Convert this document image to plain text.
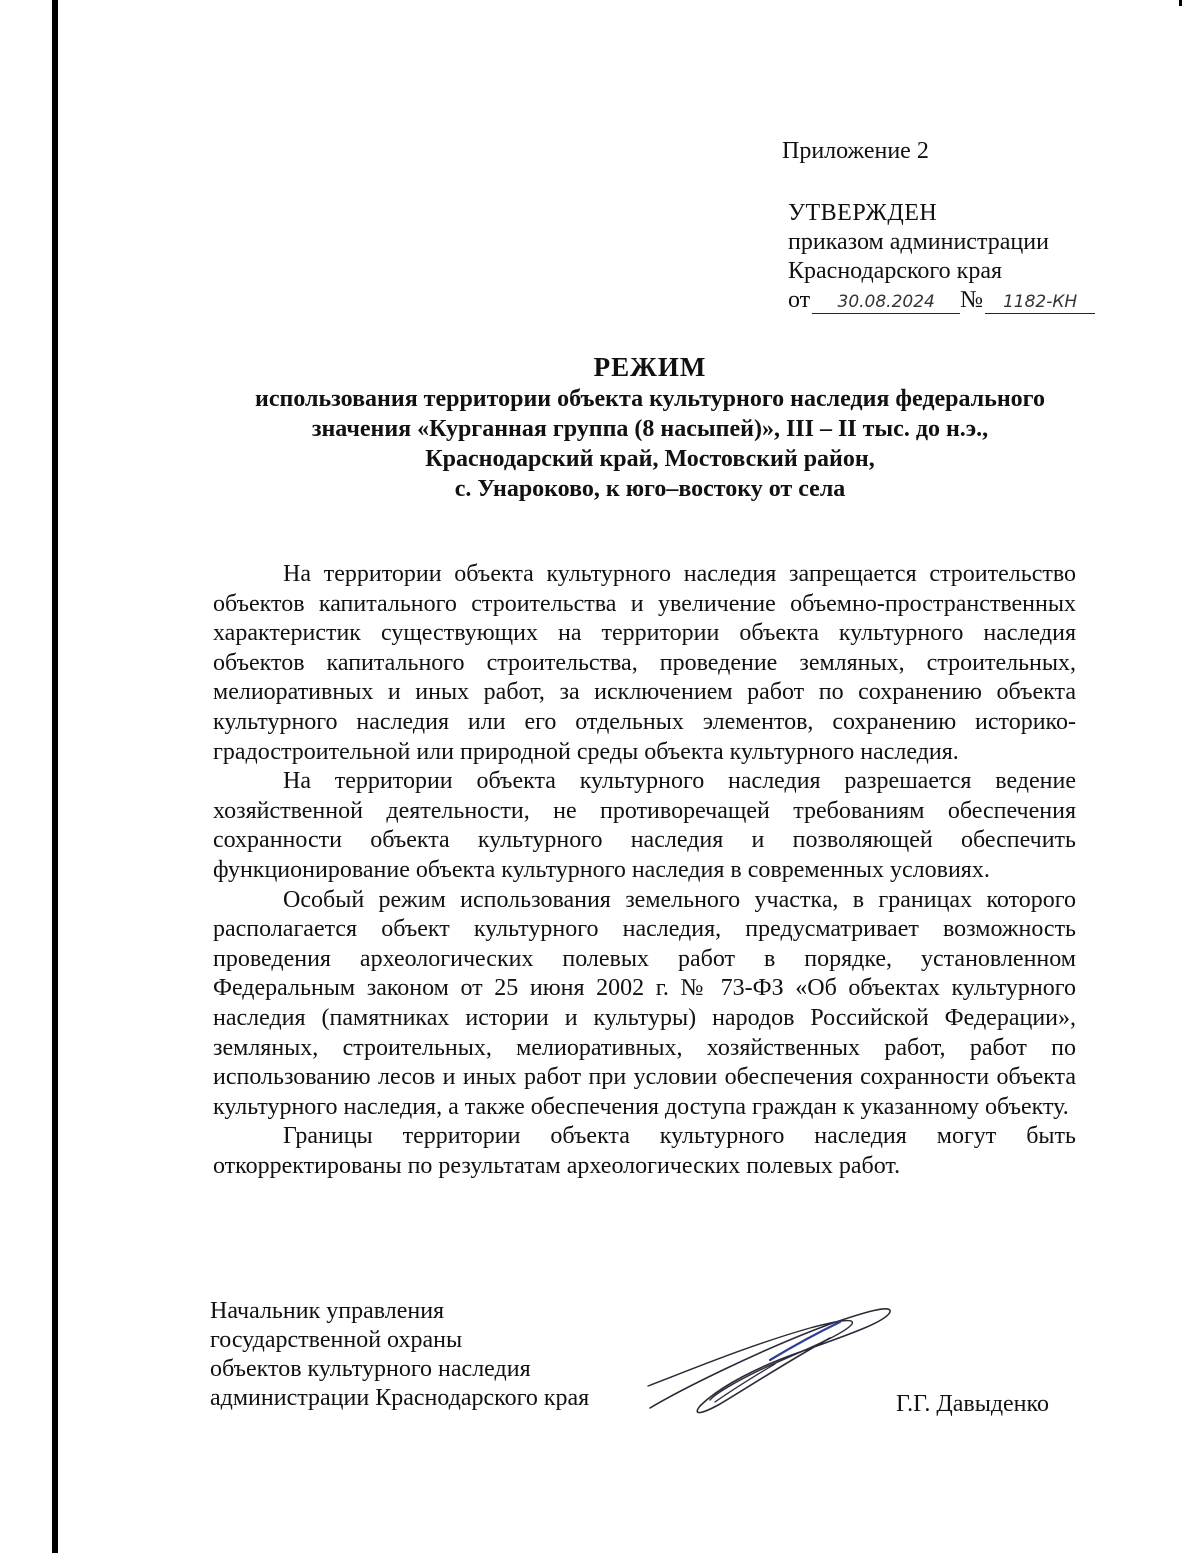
Приложение 2
УТВЕРЖДЕН
приказом администрации
Краснодарского края
от 30.08.2024 № 1182-КН
РЕЖИМ
использования территории объекта культурного наследия федерального
значения «Курганная группа (8 насыпей)», III – II тыс. до н.э.,
Краснодарский край, Мостовский район,
с. Унароково, к юго–востоку от села

На территории объекта культурного наследия запрещается строительство объектов капитального строительства и увеличение объемно-пространственных характеристик существующих на территории объекта культурного наследия объектов капитального строительства, проведение земляных, строительных, мелиоративных и иных работ, за исключением работ по сохранению объекта культурного наследия или его отдельных элементов, сохранению историко-градостроительной или природной среды объекта культурного наследия.

На территории объекта культурного наследия разрешается ведение хозяйственной деятельности, не противоречащей требованиям обеспечения сохранности объекта культурного наследия и позволяющей обеспечить функционирование объекта культурного наследия в современных условиях.

Особый режим использования земельного участка, в границах которого располагается объект культурного наследия, предусматривает возможность проведения археологических полевых работ в порядке, установленном Федеральным законом от 25 июня 2002 г. № 73-ФЗ «Об объектах культурного наследия (памятниках истории и культуры) народов Российской Федерации», земляных, строительных, мелиоративных, хозяйственных работ, работ по использованию лесов и иных работ при условии обеспечения сохранности объекта культурного наследия, а также обеспечения доступа граждан к указанному объекту.

Границы территории объекта культурного наследия могут быть откорректированы по результатам археологических полевых работ.

Начальник управления
государственной охраны
объектов культурного наследия
администрации Краснодарского края	Г.Г. Давыденко
